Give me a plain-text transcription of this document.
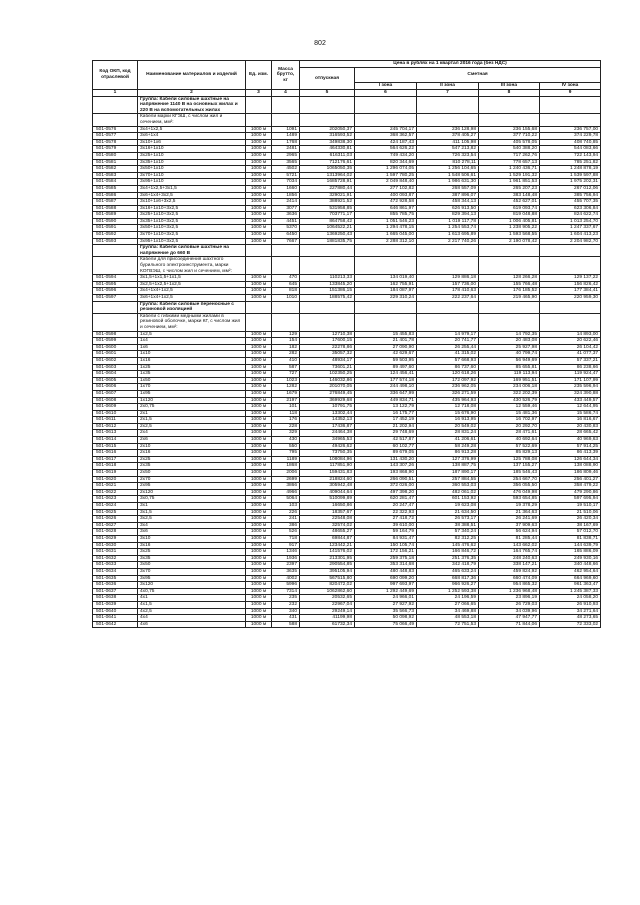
802
Код ОКП, код отраслевой	Наименование материалов и изделий	Ед. изм.	Масса брутто, кг	Цена в рублях на 1 квартал 2016 года (без НДС)				
				отпускная	Сметная			
					I зона	II зона	III зона	IV зона
1	2	3	4	5	6	7	8	9
	Группа: Кабели силовые шахтные на напряжение 1140 В на основных жилах и 220 В на вспомогательных жилах							
	Кабели марки КГЭШ, с числом жил и сечением, мм²:							
501-0576	3х4+1х2,5	1000 м	1091	202050,37	245 704,17	236 128,98	236 155,68	236 757,00
501-0577	3х6+1х4	1000 м	1489	316593,52	368 362,57	378 405,27	377 710,22	374 229,78
501-0578	3х10+1х6	1000 м	1768	349838,30	424 187,43	411 105,98	405 578,05	408 740,85
501-0579	3х16+1х10	1000 м	2481	464330,81	564 626,22	547 213,82	540 388,20	544 083,66
501-0580	3х25+1х10	1000 м	2965	616311,03	749 434,20	726 323,54	717 262,76	722 143,94
501-0581	3х35+1х10	1000 м	3565	712176,61	820 344,69	810 278,11	778 657,13	785 251,82
501-0582	3х50+1х10	1000 м	4502	1065050,35	1 296 074,05	1 256 104,65	1 240 436,71	1 248 878,19
501-0583	3х70+1х10	1000 м	5721	1313964,02	1 597 780,25	1 548 506,61	1 529 191,32	1 539 597,88
501-0584	3х95+1х10	1000 м	7034	1685728,91	2 049 848,40	1 986 631,30	1 961 851,53	1 975 202,31
501-0585	3х4+1х2,5+3х1,5	1000 м	1660	227880,44	277 102,82	268 557,09	265 207,23	267 012,06
501-0586	3х6+1х4+3х2,5	1000 м	1856	329021,91	400 093,87	387 896,07	383 148,48	385 756,94
501-0587	3х10+1х6+3х2,5	1000 м	2414	388921,52	472 928,58	458 344,13	452 627,01	455 707,35
501-0588	3х16+1х10+3х2,5	1000 м	3077	531958,85	646 861,97	626 913,50	619 093,74	623 306,84
501-0589	3х25+1х10+3х2,5	1000 м	3636	703771,17	855 785,75	829 394,13	819 048,88	824 622,74
501-0590	3х35+1х10+3х2,5	1000 м	4451	864758,42	1 051 546,23	1 019 117,78	1 006 405,81	1 013 254,70
501-0591	3х50+1х10+3х2,5	1000 м	5370	1064522,21	1 294 478,15	1 254 553,74	1 238 905,22	1 247 337,67
501-0592	3х70+1х10+3х2,5	1000 м	6450	1369250,43	1 665 045,00	1 613 695,89	1 593 568,55	1 604 413,23
501-0593	3х95+1х10+3х2,5	1000 м	7667	1881835,75	2 288 312,10	2 217 740,26	2 190 078,42	2 204 982,70
	Группа: Кабели силовые шахтные на напряжение до 660 В							
	Кабели для присоединения шахтного бурильного электроинструмента, марки КОГВЭШ, с числом жил и сечением, мм²:							
501-0594	3х1,5+1х1,5+1х1,5	1000 м	470	110213,33	134 019,40	129 886,18	128 266,28	129 137,22
501-0595	3х2,5+1х2,5+1х2,5	1000 м	645	133845,20	162 755,91	157 736,00	155 766,48	156 826,42
501-0596	3х4+1х4+1х2,5	1000 м	818	151386,15	184 087,97	178 410,63	176 185,52	177 384,41
501-0597	3х6+1х4+1х2,5	1000 м	1010	188575,42	229 310,24	222 237,64	219 465,90	220 959,30
	Группа: Кабели силовые переносные с резиновой изоляцией							
	Кабели с гибкими медными жилами в резиновой оболочке, марки КГ, с числом жил и сечением, мм²:							
501-0598	1х2,5	1000 м	129	12710,38	15 455,83	14 979,17	14 792,35	14 893,00
501-0599	1х4	1000 м	154	17600,15	21 401,78	20 741,77	20 483,08	20 622,46
501-0600	1х6	1000 м	182	22278,86	27 090,90	26 255,44	25 927,98	26 104,42
501-0601	1х10	1000 м	282	35057,32	42 629,67	41 315,02	40 799,74	41 077,37
501-0602	1х16	1000 м	410	48934,17	59 503,95	57 668,93	56 949,69	57 337,21
501-0603	1х25	1000 м	587	73601,21	89 497,60	86 737,60	85 655,81	86 238,66
501-0604	1х35	1000 м	727	102350,25	124 456,41	120 618,26	119 113,94	119 924,47
501-0605	1х50	1000 м	1023	146032,86	177 574,18	172 097,92	169 951,51	171 107,99
501-0606	1х70	1000 м	1282	201070,05	244 498,10	236 962,05	234 006,18	235 596,94
501-0607	1х95	1000 м	1679	276849,45	336 647,99	326 271,59	322 202,39	324 390,88
501-0608	1х120	1000 м	2197	369929,68	449 834,71	435 964,93	430 526,79	433 449,57
501-0609	2х0,75	1000 м	101	10791,75	13 122,79	12 718,08	12 559,46	12 644,95
501-0610	2х1	1000 м	118	13302,44	16 175,77	15 676,90	15 481,36	15 586,74
501-0611	2х1,5	1000 м	176	14352,13	17 452,19	16 913,95	16 702,97	16 816,67
501-0612	2х2,5	1000 м	228	17436,87	21 202,94	20 549,02	20 292,70	20 430,83
501-0613	2х4	1000 м	329	24464,38	29 748,69	28 831,24	28 471,61	28 665,42
501-0614	2х6	1000 м	430	34965,53	42 517,87	41 206,61	40 692,64	40 969,63
501-0615	2х10	1000 м	550	49426,62	60 102,77	58 249,28	57 522,69	57 914,25
501-0616	2х16	1000 м	795	73750,35	89 679,05	86 913,28	85 829,13	86 413,39
501-0617	2х25	1000 м	1189	108084,96	131 430,20	127 376,99	125 788,08	126 644,34
501-0618	2х35	1000 м	1868	117851,90	143 307,26	138 887,75	137 155,27	138 088,90
501-0619	2х50	1000 м	2006	159431,83	193 868,90	187 890,17	185 546,43	186 809,46
501-0620	2х70	1000 м	2699	218824,60	266 090,51	257 884,55	254 667,70	256 401,27
501-0621	2х95	1000 м	3866	305942,48	372 026,00	360 553,03	356 055,50	358 479,22
501-0622	2х120	1000 м	4966	409044,64	497 398,20	482 061,02	476 049,98	479 290,86
501-0623	3х0,75	1000 м	5064	510099,89	620 281,47	601 153,92	593 654,85	597 695,94
501-0624	3х1	1000 м	103	16650,86	20 247,47	19 623,08	19 378,29	19 510,17
501-0625	3х1,5	1000 м	226	18357,67	22 322,93	21 634,50	21 364,63	21 510,06
501-0626	3х2,5	1000 м	241	22548,08	27 418,72	26 573,17	26 241,69	26 420,34
501-0627	3х4	1000 м	386	32574,02	39 610,00	38 388,51	37 909,63	38 167,69
501-0628	3х6	1000 м	526	48655,27	59 164,79	57 340,24	56 624,94	57 012,70
501-0629	3х10	1000 м	718	69844,87	84 931,47	82 312,25	81 285,44	81 838,71
501-0630	3х16	1000 м	917	123442,21	150 105,74	145 476,62	143 662,02	144 639,79
501-0631	3х25	1000 м	1346	141576,02	172 156,21	166 846,72	164 765,74	165 886,09
501-0632	3х35	1000 м	1936	213301,95	259 375,18	251 376,35	248 240,63	249 930,16
501-0633	3х50	1000 м	2397	290554,85	353 314,68	342 418,79	338 147,21	340 448,66
501-0634	3х70	1000 м	3635	395105,94	480 448,83	465 633,24	459 824,92	462 954,64
501-0635	3х95	1000 м	4002	567515,80	690 099,20	668 817,36	660 474,09	664 969,60
501-0636	3х120	1000 м	5996	820472,02	997 693,97	966 926,27	954 865,32	961 363,47
501-0637	4х0,75	1000 м	7314	1062862,60	1 292 449,69	1 252 593,38	1 236 968,48	1 245 387,33
501-0638	4х1	1000 м	235	20532,65	24 966,01	24 196,59	23 896,19	24 058,20
501-0639	4х1,5	1000 м	232	22967,04	27 927,92	27 066,65	26 729,03	26 910,93
501-0640	4х2,5	1000 м	340	29249,14	35 566,73	34 469,88	34 039,96	34 271,64
501-0641	4х4	1000 м	431	41199,98	50 098,92	48 553,18	47 947,77	48 273,65
501-0642	4х6	1000 м	588	61732,34	75 066,49	72 751,53	71 844,06	72 333,02
